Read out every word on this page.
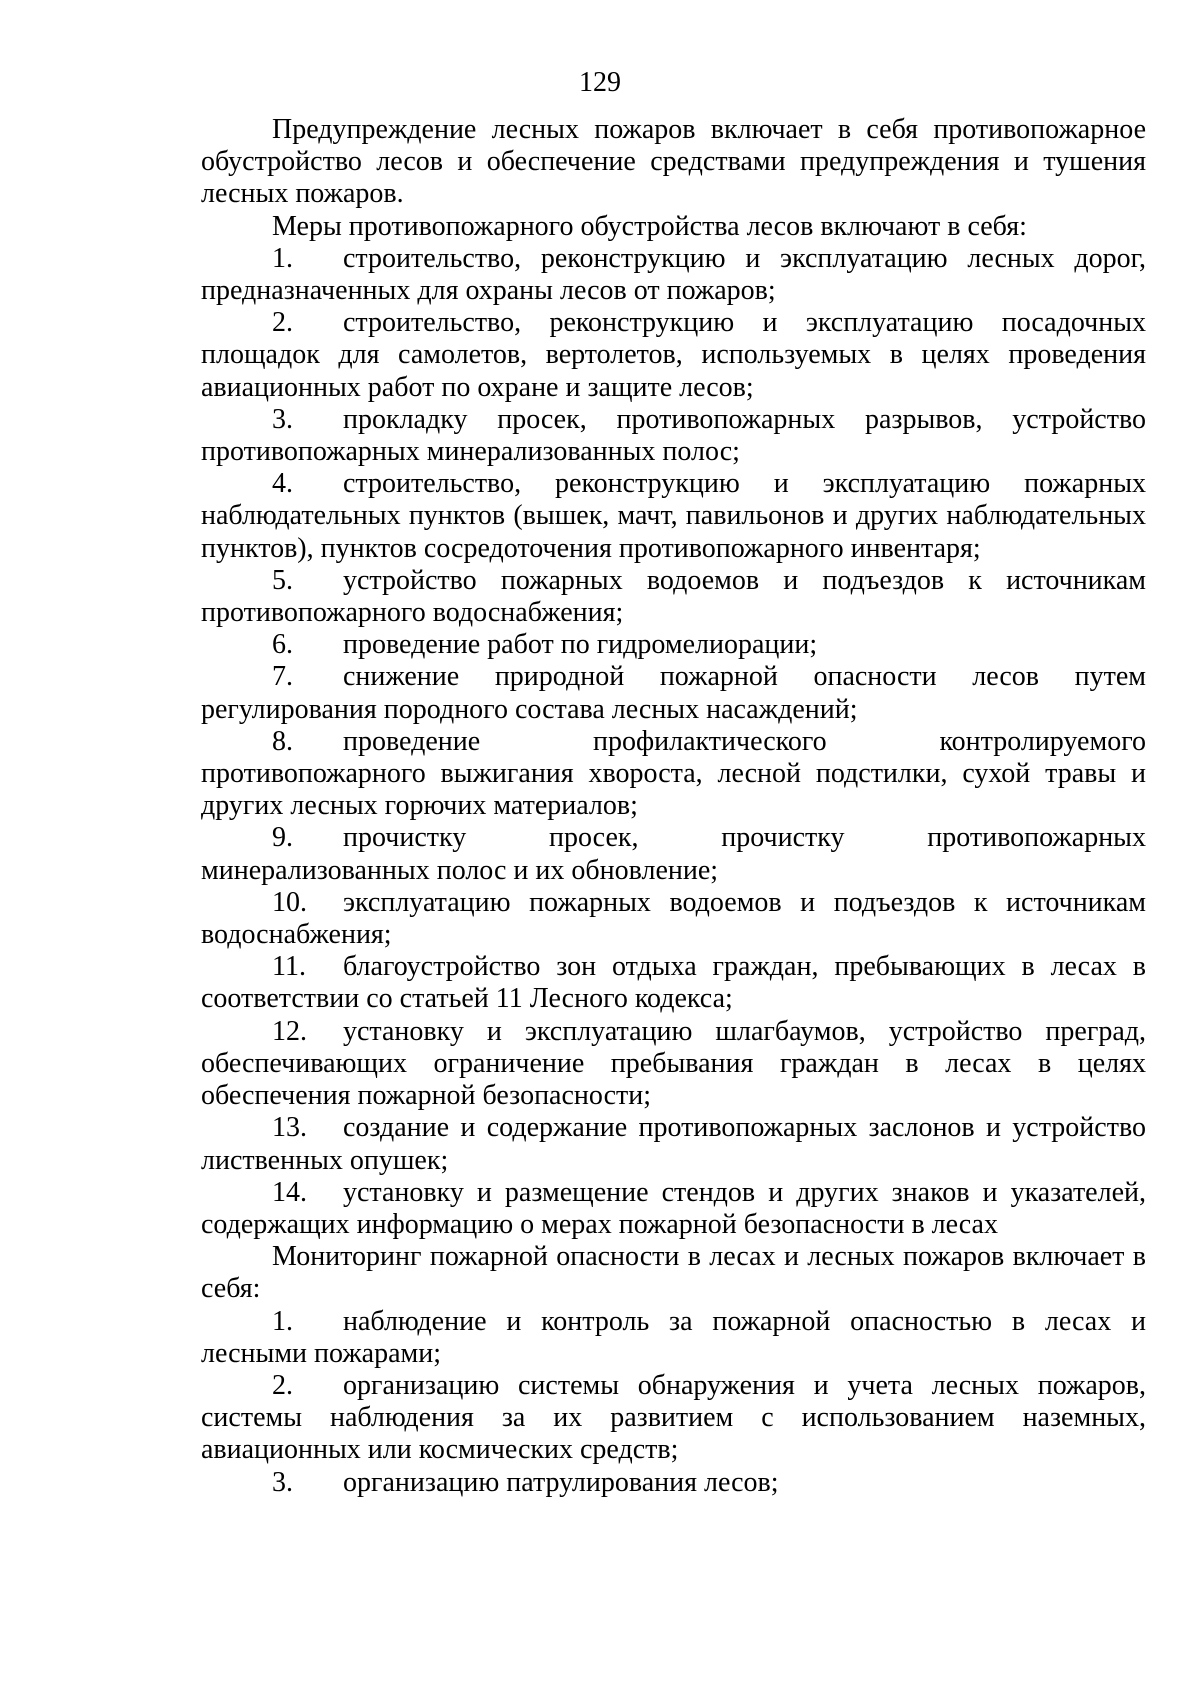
129

Предупреждение лесных пожаров включает в себя противопожарное обустройство лесов и обеспечение средствами предупреждения и тушения лесных пожаров.

Меры противопожарного обустройства лесов включают в себя:

1. строительство, реконструкцию и эксплуатацию лесных дорог, предназначенных для охраны лесов от пожаров;

2. строительство, реконструкцию и эксплуатацию посадочных площадок для самолетов, вертолетов, используемых в целях проведения авиационных работ по охране и защите лесов;

3. прокладку просек, противопожарных разрывов, устройство противопожарных минерализованных полос;

4. строительство, реконструкцию и эксплуатацию пожарных наблюдательных пунктов (вышек, мачт, павильонов и других наблюдательных пунктов), пунктов сосредоточения противопожарного инвентаря;

5. устройство пожарных водоемов и подъездов к источникам противопожарного водоснабжения;

6. проведение работ по гидромелиорации;

7. снижение природной пожарной опасности лесов путем регулирования породного состава лесных насаждений;

8. проведение профилактического контролируемого противопожарного выжигания хвороста, лесной подстилки, сухой травы и других лесных горючих материалов;

9. прочистку просек, прочистку противопожарных минерализованных полос и их обновление;

10. эксплуатацию пожарных водоемов и подъездов к источникам водоснабжения;

11. благоустройство зон отдыха граждан, пребывающих в лесах в соответствии со статьей 11 Лесного кодекса;

12. установку и эксплуатацию шлагбаумов, устройство преград, обеспечивающих ограничение пребывания граждан в лесах в целях обеспечения пожарной безопасности;

13. создание и содержание противопожарных заслонов и устройство лиственных опушек;

14. установку и размещение стендов и других знаков и указателей, содержащих информацию о мерах пожарной безопасности в лесах

Мониторинг пожарной опасности в лесах и лесных пожаров включает в себя:

1. наблюдение и контроль за пожарной опасностью в лесах и лесными пожарами;

2. организацию системы обнаружения и учета лесных пожаров, системы наблюдения за их развитием с использованием наземных, авиационных или космических средств;

3. организацию патрулирования лесов;
